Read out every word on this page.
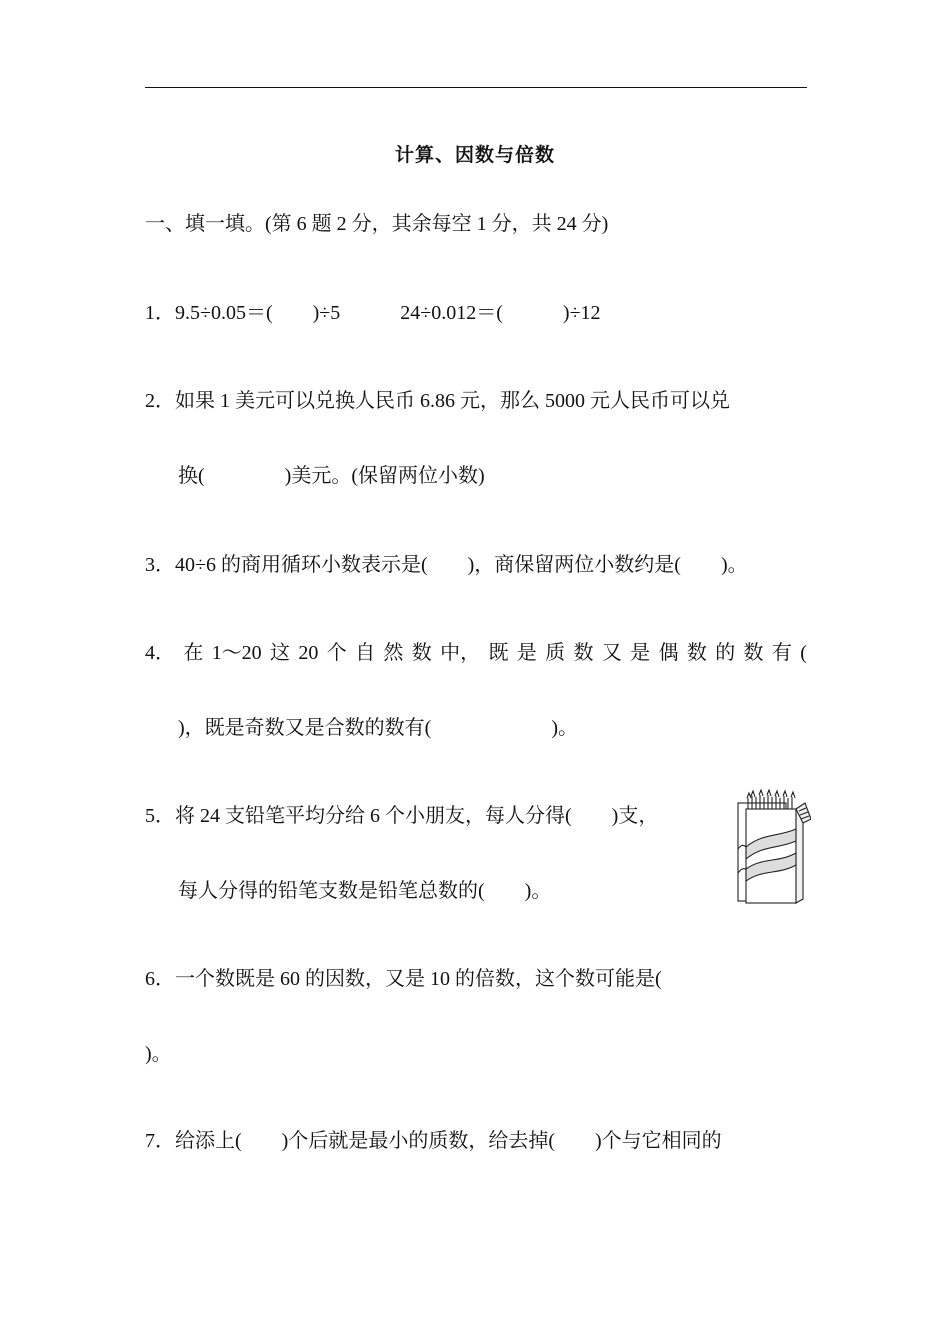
计算、因数与倍数
一、填一填。(第 6 题 2 分，其余每空 1 分，共 24 分)
1．9.5÷0.05＝(　　)÷5　　　24÷0.012＝(　　　)÷12
2．如果 1 美元可以兑换人民币 6.86 元，那么 5000 元人民币可以兑
换(　　　　)美元。(保留两位小数)
3．40÷6 的商用循环小数表示是(　　)，商保留两位小数约是(　　)。
4． 在 1～20 这 20 个 自 然 数 中， 既 是 质 数 又 是 偶 数 的 数 有 (
)，既是奇数又是合数的数有(　　　　　　)。
5．将 24 支铅笔平均分给 6 个小朋友，每人分得(　　)支，
每人分得的铅笔支数是铅笔总数的(　　)。
6．一个数既是 60 的因数，又是 10 的倍数，这个数可能是(
)。
7．给添上(　　)个后就是最小的质数，给去掉(　　)个与它相同的
